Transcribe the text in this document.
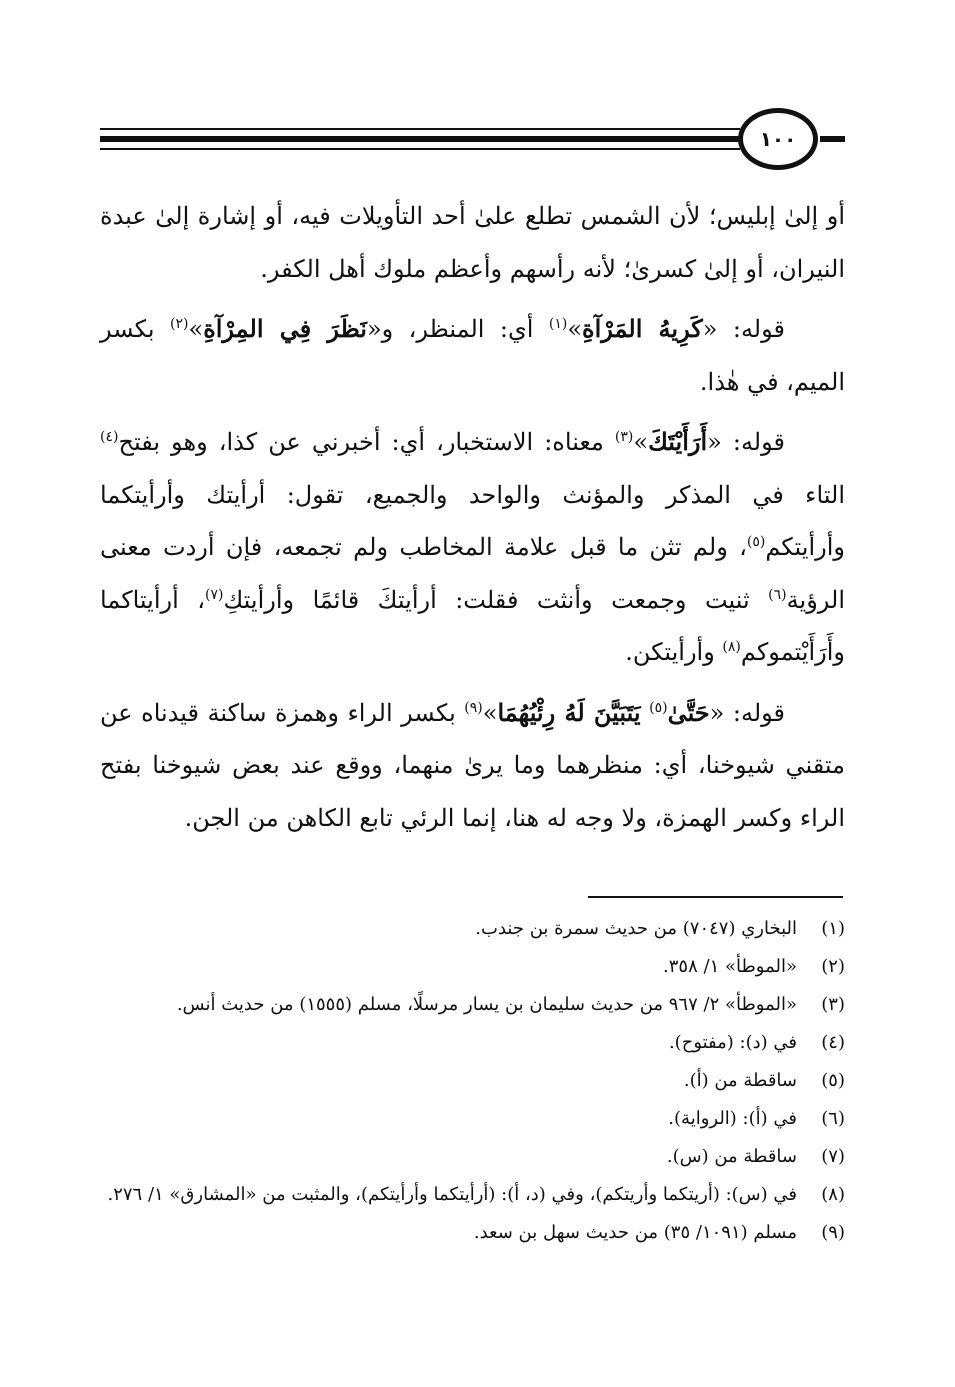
١٠٠

أو إلىٰ إبليس؛ لأن الشمس تطلع علىٰ أحد التأويلات فيه، أو إشارة إلىٰ عبدة النيران، أو إلىٰ كسرىٰ؛ لأنه رأسهم وأعظم ملوك أهل الكفر.

قوله: «كَرِيهُ المَرْآةِ»$^{(١)}$ أي: المنظر، و«نَظَرَ فِي المِرْآةِ»$^{(٢)}$ بكسر الميم، في هٰذا.

قوله: «أَرَأَيْتَكَ»$^{(٣)}$ معناه: الاستخبار، أي: أخبرني عن كذا، وهو بفتح$^{(٤)}$ التاء في المذكر والمؤنث والواحد والجميع، تقول: أرأيتك وأرأيتكما وأرأيتكم$^{(٥)}$، ولم تثن ما قبل علامة المخاطب ولم تجمعه، فإن أردت معنى الرؤية$^{(٦)}$ ثنيت وجمعت وأنثت فقلت: أرأيتكَ قائمًا وأرأيتكِ$^{(٧)}$، أرأيتاكما وأَرَأَيْتموكم$^{(٨)}$ وأرأيتكن.

قوله: «حَتَّىٰ$^{(٥)}$ يَتَبَيَّنَ لَهُ رِئْيُهُمَا»$^{(٩)}$ بكسر الراء وهمزة ساكنة قيدناه عن متقني شيوخنا، أي: منظرهما وما يرىٰ منهما، ووقع عند بعض شيوخنا بفتح الراء وكسر الهمزة، ولا وجه له هنا، إنما الرئي تابع الكاهن من الجن.

(١)
البخاري (٧٠٤٧) من حديث سمرة بن جندب.
(٢)
«الموطأ» ١/ ٣٥٨.
(٣)
«الموطأ» ٢/ ٩٦٧ من حديث سليمان بن يسار مرسلًا، مسلم (١٥٥٥) من حديث أنس.
(٤)
في (د): (مفتوح).
(٥)
ساقطة من (أ).
(٦)
في (أ): (الرواية).
(٧)
ساقطة من (س).
(٨)
في (س): (أريتكما وأريتكم)، وفي (د، أ): (أرأيتكما وأرأيتكم)، والمثبت من «المشارق» ١/ ٢٧٦.
(٩)
مسلم (١٠٩١/ ٣٥) من حديث سهل بن سعد.
